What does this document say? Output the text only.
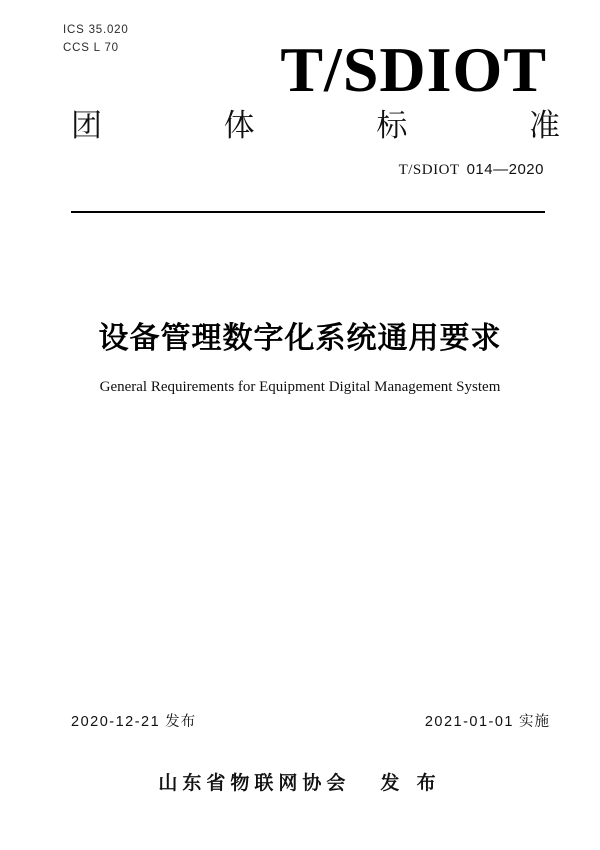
ICS 35.020
CCS L 70	T/SDIOT
团	体	标	准
T/SDIOT 014—2020
设备管理数字化系统通用要求
General Requirements for Equipment Digital Management System
2020-12-21 发布	2021-01-01 实施
山东省物联网协会 发 布
